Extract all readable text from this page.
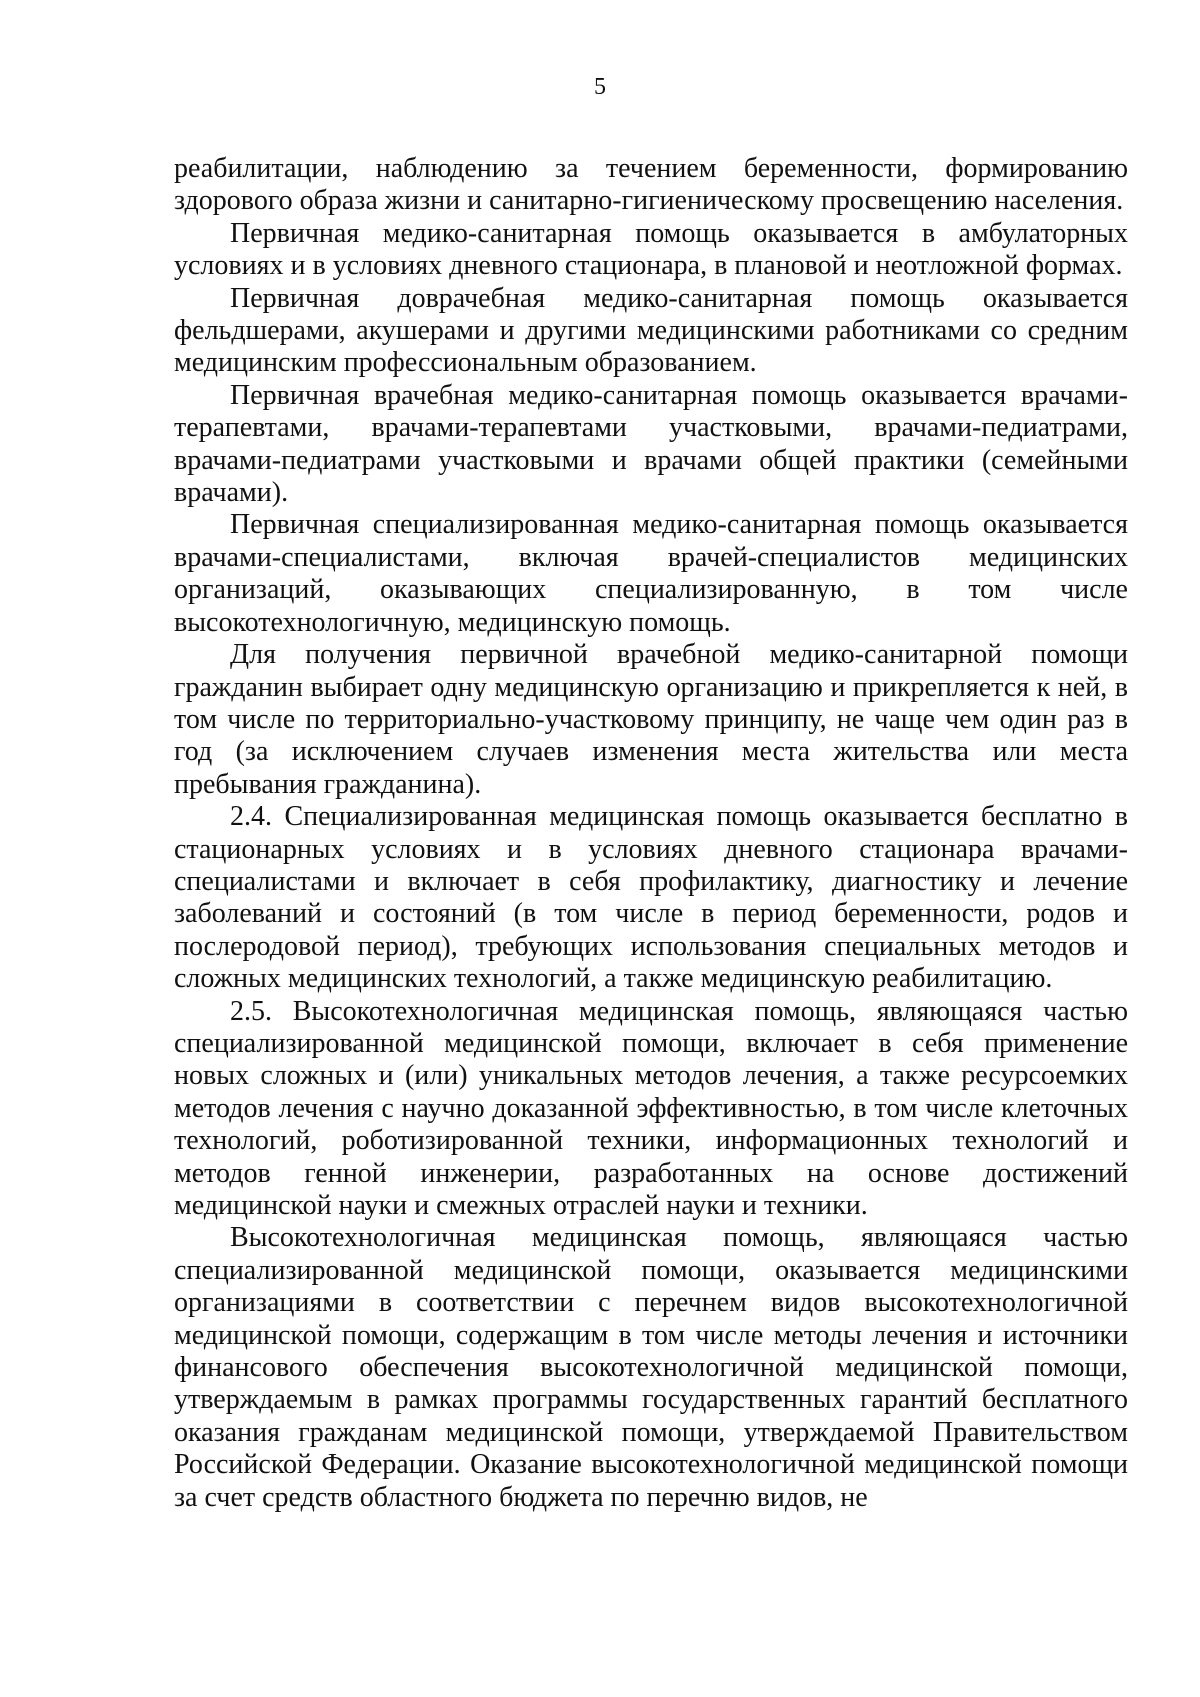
5

реабилитации, наблюдению за течением беременности, формированию здорового образа жизни и санитарно-гигиеническому просвещению населения.

Первичная медико-санитарная помощь оказывается в амбулаторных условиях и в условиях дневного стационара, в плановой и неотложной формах.

Первичная доврачебная медико-санитарная помощь оказывается фельдшерами, акушерами и другими медицинскими работниками со средним медицинским профессиональным образованием.

Первичная врачебная медико-санитарная помощь оказывается врачами-терапевтами, врачами-терапевтами участковыми, врачами-педиатрами, врачами-педиатрами участковыми и врачами общей практики (семейными врачами).

Первичная специализированная медико-санитарная помощь оказывается врачами-специалистами, включая врачей-специалистов медицинских организаций, оказывающих специализированную, в том числе высокотехнологичную, медицинскую помощь.

Для получения первичной врачебной медико-санитарной помощи гражданин выбирает одну медицинскую организацию и прикрепляется к ней, в том числе по территориально-участковому принципу, не чаще чем один раз в год (за исключением случаев изменения места жительства или места пребывания гражданина).

2.4. Специализированная медицинская помощь оказывается бесплатно в стационарных условиях и в условиях дневного стационара врачами-специалистами и включает в себя профилактику, диагностику и лечение заболеваний и состояний (в том числе в период беременности, родов и послеродовой период), требующих использования специальных методов и сложных медицинских технологий, а также медицинскую реабилитацию.

2.5. Высокотехнологичная медицинская помощь, являющаяся частью специализированной медицинской помощи, включает в себя применение новых сложных и (или) уникальных методов лечения, а также ресурсоемких методов лечения с научно доказанной эффективностью, в том числе клеточных технологий, роботизированной техники, информационных технологий и методов генной инженерии, разработанных на основе достижений медицинской науки и смежных отраслей науки и техники.

Высокотехнологичная медицинская помощь, являющаяся частью специализированной медицинской помощи, оказывается медицинскими организациями в соответствии с перечнем видов высокотехнологичной медицинской помощи, содержащим в том числе методы лечения и источники финансового обеспечения высокотехнологичной медицинской помощи, утверждаемым в рамках программы государственных гарантий бесплатного оказания гражданам медицинской помощи, утверждаемой Правительством Российской Федерации. Оказание высокотехнологичной медицинской помощи за счет средств областного бюджета по перечню видов, не
